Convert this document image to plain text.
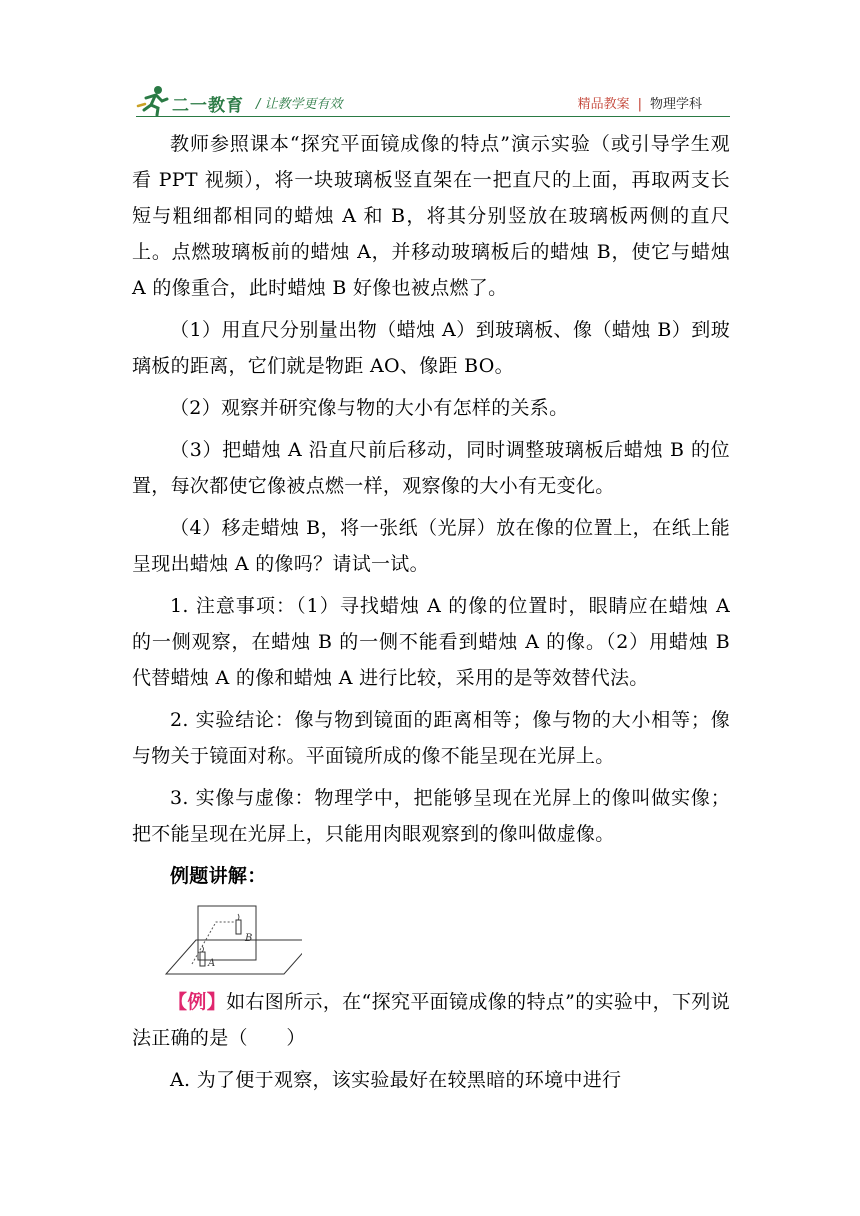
二一教育 / 让教学更有效	精品教案 | 物理学科

教师参照课本“探究平面镜成像的特点”演示实验（或引导学生观看 PPT 视频），将一块玻璃板竖直架在一把直尺的上面，再取两支长短与粗细都相同的蜡烛 A 和 B，将其分别竖放在玻璃板两侧的直尺上。点燃玻璃板前的蜡烛 A，并移动玻璃板后的蜡烛 B，使它与蜡烛 A 的像重合，此时蜡烛 B 好像也被点燃了。

（1）用直尺分别量出物（蜡烛 A）到玻璃板、像（蜡烛 B）到玻璃板的距离，它们就是物距 AO、像距 BO。

（2）观察并研究像与物的大小有怎样的关系。

（3）把蜡烛 A 沿直尺前后移动，同时调整玻璃板后蜡烛 B 的位置，每次都使它像被点燃一样，观察像的大小有无变化。

（4）移走蜡烛 B，将一张纸（光屏）放在像的位置上，在纸上能呈现出蜡烛 A 的像吗？请试一试。

1. 注意事项：（1）寻找蜡烛 A 的像的位置时，眼睛应在蜡烛 A 的一侧观察，在蜡烛 B 的一侧不能看到蜡烛 A 的像。（2）用蜡烛 B 代替蜡烛 A 的像和蜡烛 A 进行比较，采用的是等效替代法。

2. 实验结论：像与物到镜面的距离相等；像与物的大小相等；像与物关于镜面对称。平面镜所成的像不能呈现在光屏上。

3. 实像与虚像：物理学中，把能够呈现在光屏上的像叫做实像；把不能呈现在光屏上，只能用肉眼观察到的像叫做虚像。

例题讲解：

B
A

【例】如右图所示，在“探究平面镜成像的特点”的实验中，下列说法正确的是（　　）

A. 为了便于观察，该实验最好在较黑暗的环境中进行
